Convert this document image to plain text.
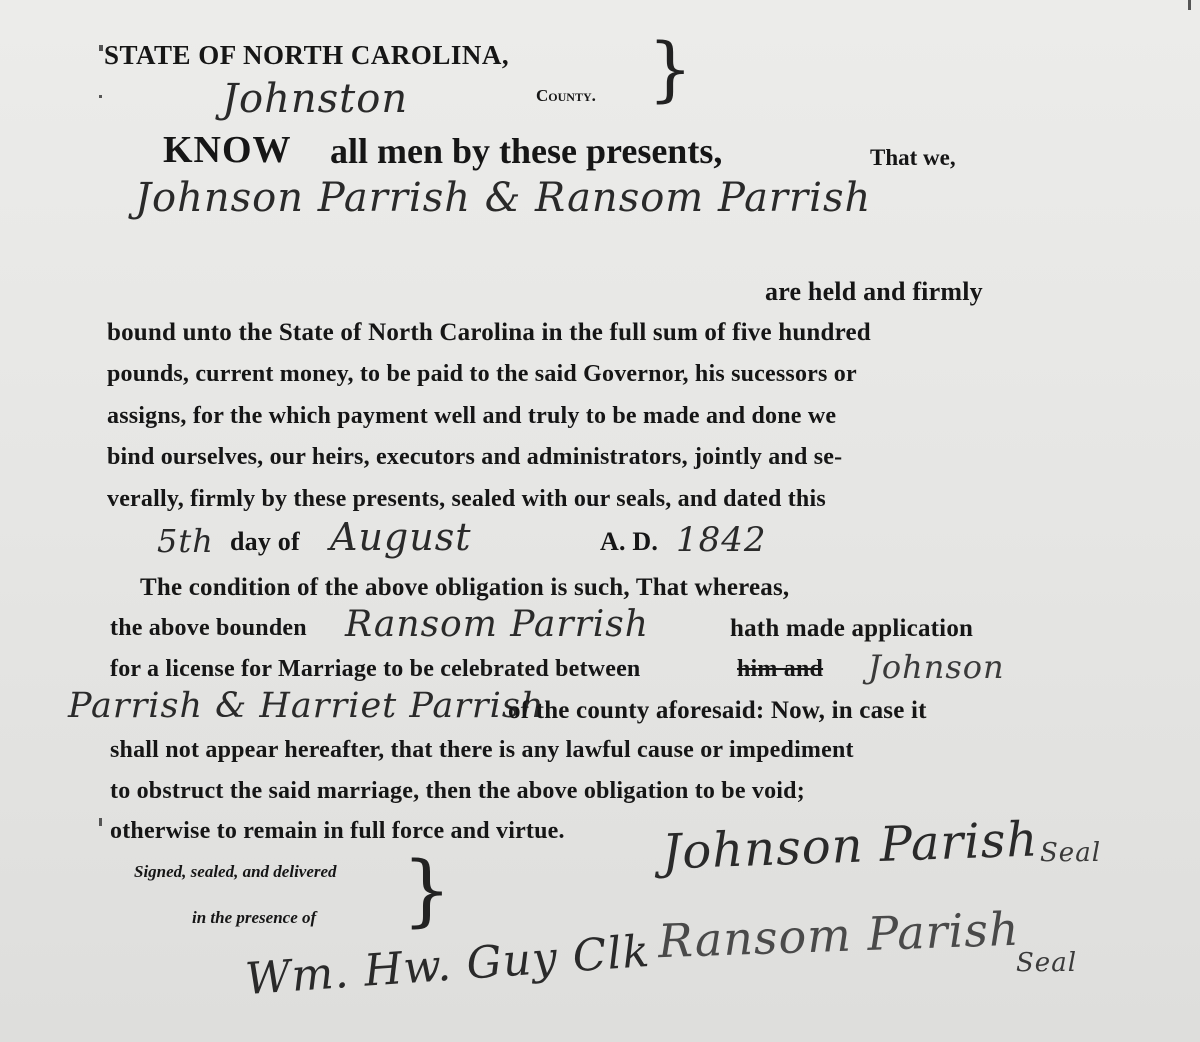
STATE OF NORTH CAROLINA, }
Johnston	County.
KNOW all men by these presents,	That we,
Johnson Parrish & Ransom Parrish
are held and firmly
bound unto the State of North Carolina in the full sum of five hundred
pounds, current money, to be paid to the said Governor, his sucessors or
assigns, for the which payment well and truly to be made and done we
bind ourselves, our heirs, executors and administrators, jointly and se-
verally, firmly by these presents, sealed with our seals, and dated this
5th day of August	A. D. 1842
The condition of the above obligation is such, That whereas,
the above bounden Ransom Parrish	hath made application
for a license for Marriage to be celebrated between	him and Johnson
Parrish & Harriet Parrish
of the county aforesaid: Now, in case it
shall not appear hereafter, that there is any lawful cause or impediment
to obstruct the said marriage, then the above obligation to be void;
otherwise to remain in full force and virtue.
Signed, sealed, and delivered
in the presence of }
Wm. Hw. Guy Clk
Johnson Parish Seal
Ransom Parish
Seal
